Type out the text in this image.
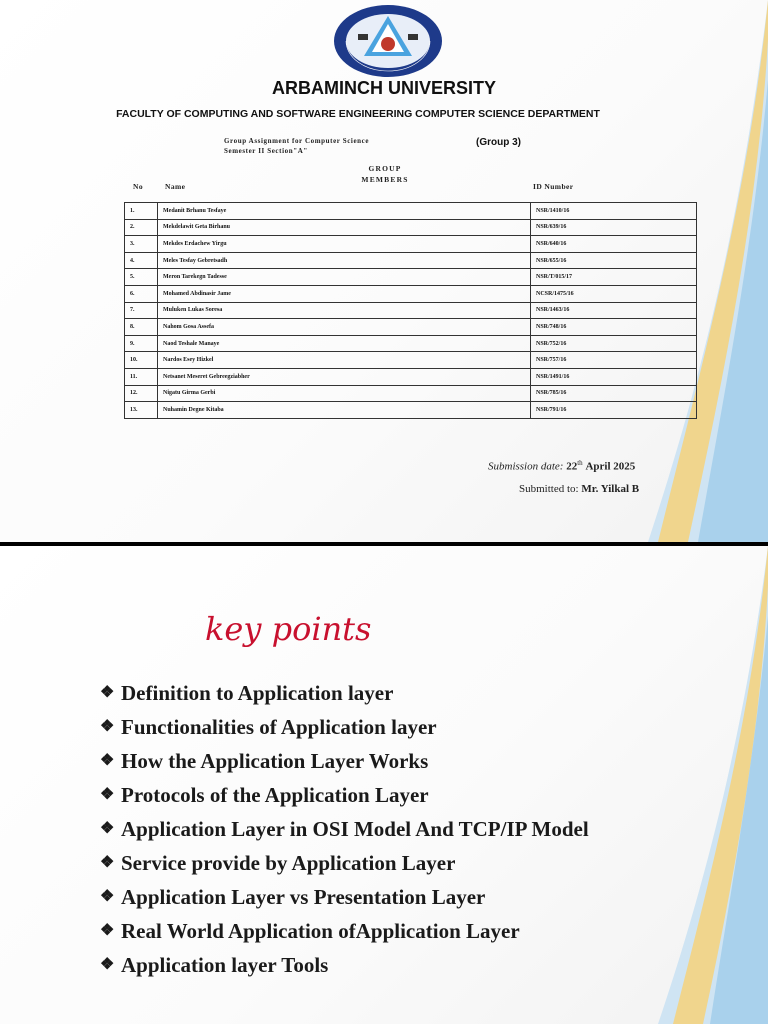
ARBAMINCH UNIVERSITY
FACULTY OF COMPUTING AND SOFTWARE ENGINEERING COMPUTER SCIENCE DEPARTMENT
Group Assignment for Computer Science
Semester II Section"A"
(Group 3)
GROUP
MEMBERS
No	Name	ID Number
1.	Medanit Brhanu Tesfaye	NSR/1410/16
2.	Mekdelawit Geta Birhanu	NSR/639/16
3.	Mekdes Erdachew Yirgu	NSR/640/16
4.	Meles Tesfay Gebretsadh	NSR/655/16
5.	Meron Tarekegn Tadesse	NSR/T/015/17
6.	Mohamed Abdinasir Jame	NCSR/1475/16
7.	Muluken Lukas Soresa	NSR/1463/16
8.	Nahom Gosa Assefa	NSR/748/16
9.	Naod Teshale Manaye	NSR/752/16
10.	Nardos Esey Hizkel	NSR/757/16
11.	Netsanet Meseret Gebreegziabher	NSR/1491/16
12.	Nigatu Girma Gerbi	NSR/785/16
13.	Nuhamin Degne Kitaba	NSR/791/16
Submission date: 22th April 2025
Submitted to: Mr. Yilkal B
key points
❖ Definition to Application layer
❖ Functionalities of Application layer
❖ How the Application Layer Works
❖ Protocols of the Application Layer
❖ Application Layer in OSI Model And TCP/IP Model
❖ Service provide by Application Layer
❖ Application Layer vs Presentation Layer
❖ Real World Application ofApplication Layer
❖ Application layer Tools
